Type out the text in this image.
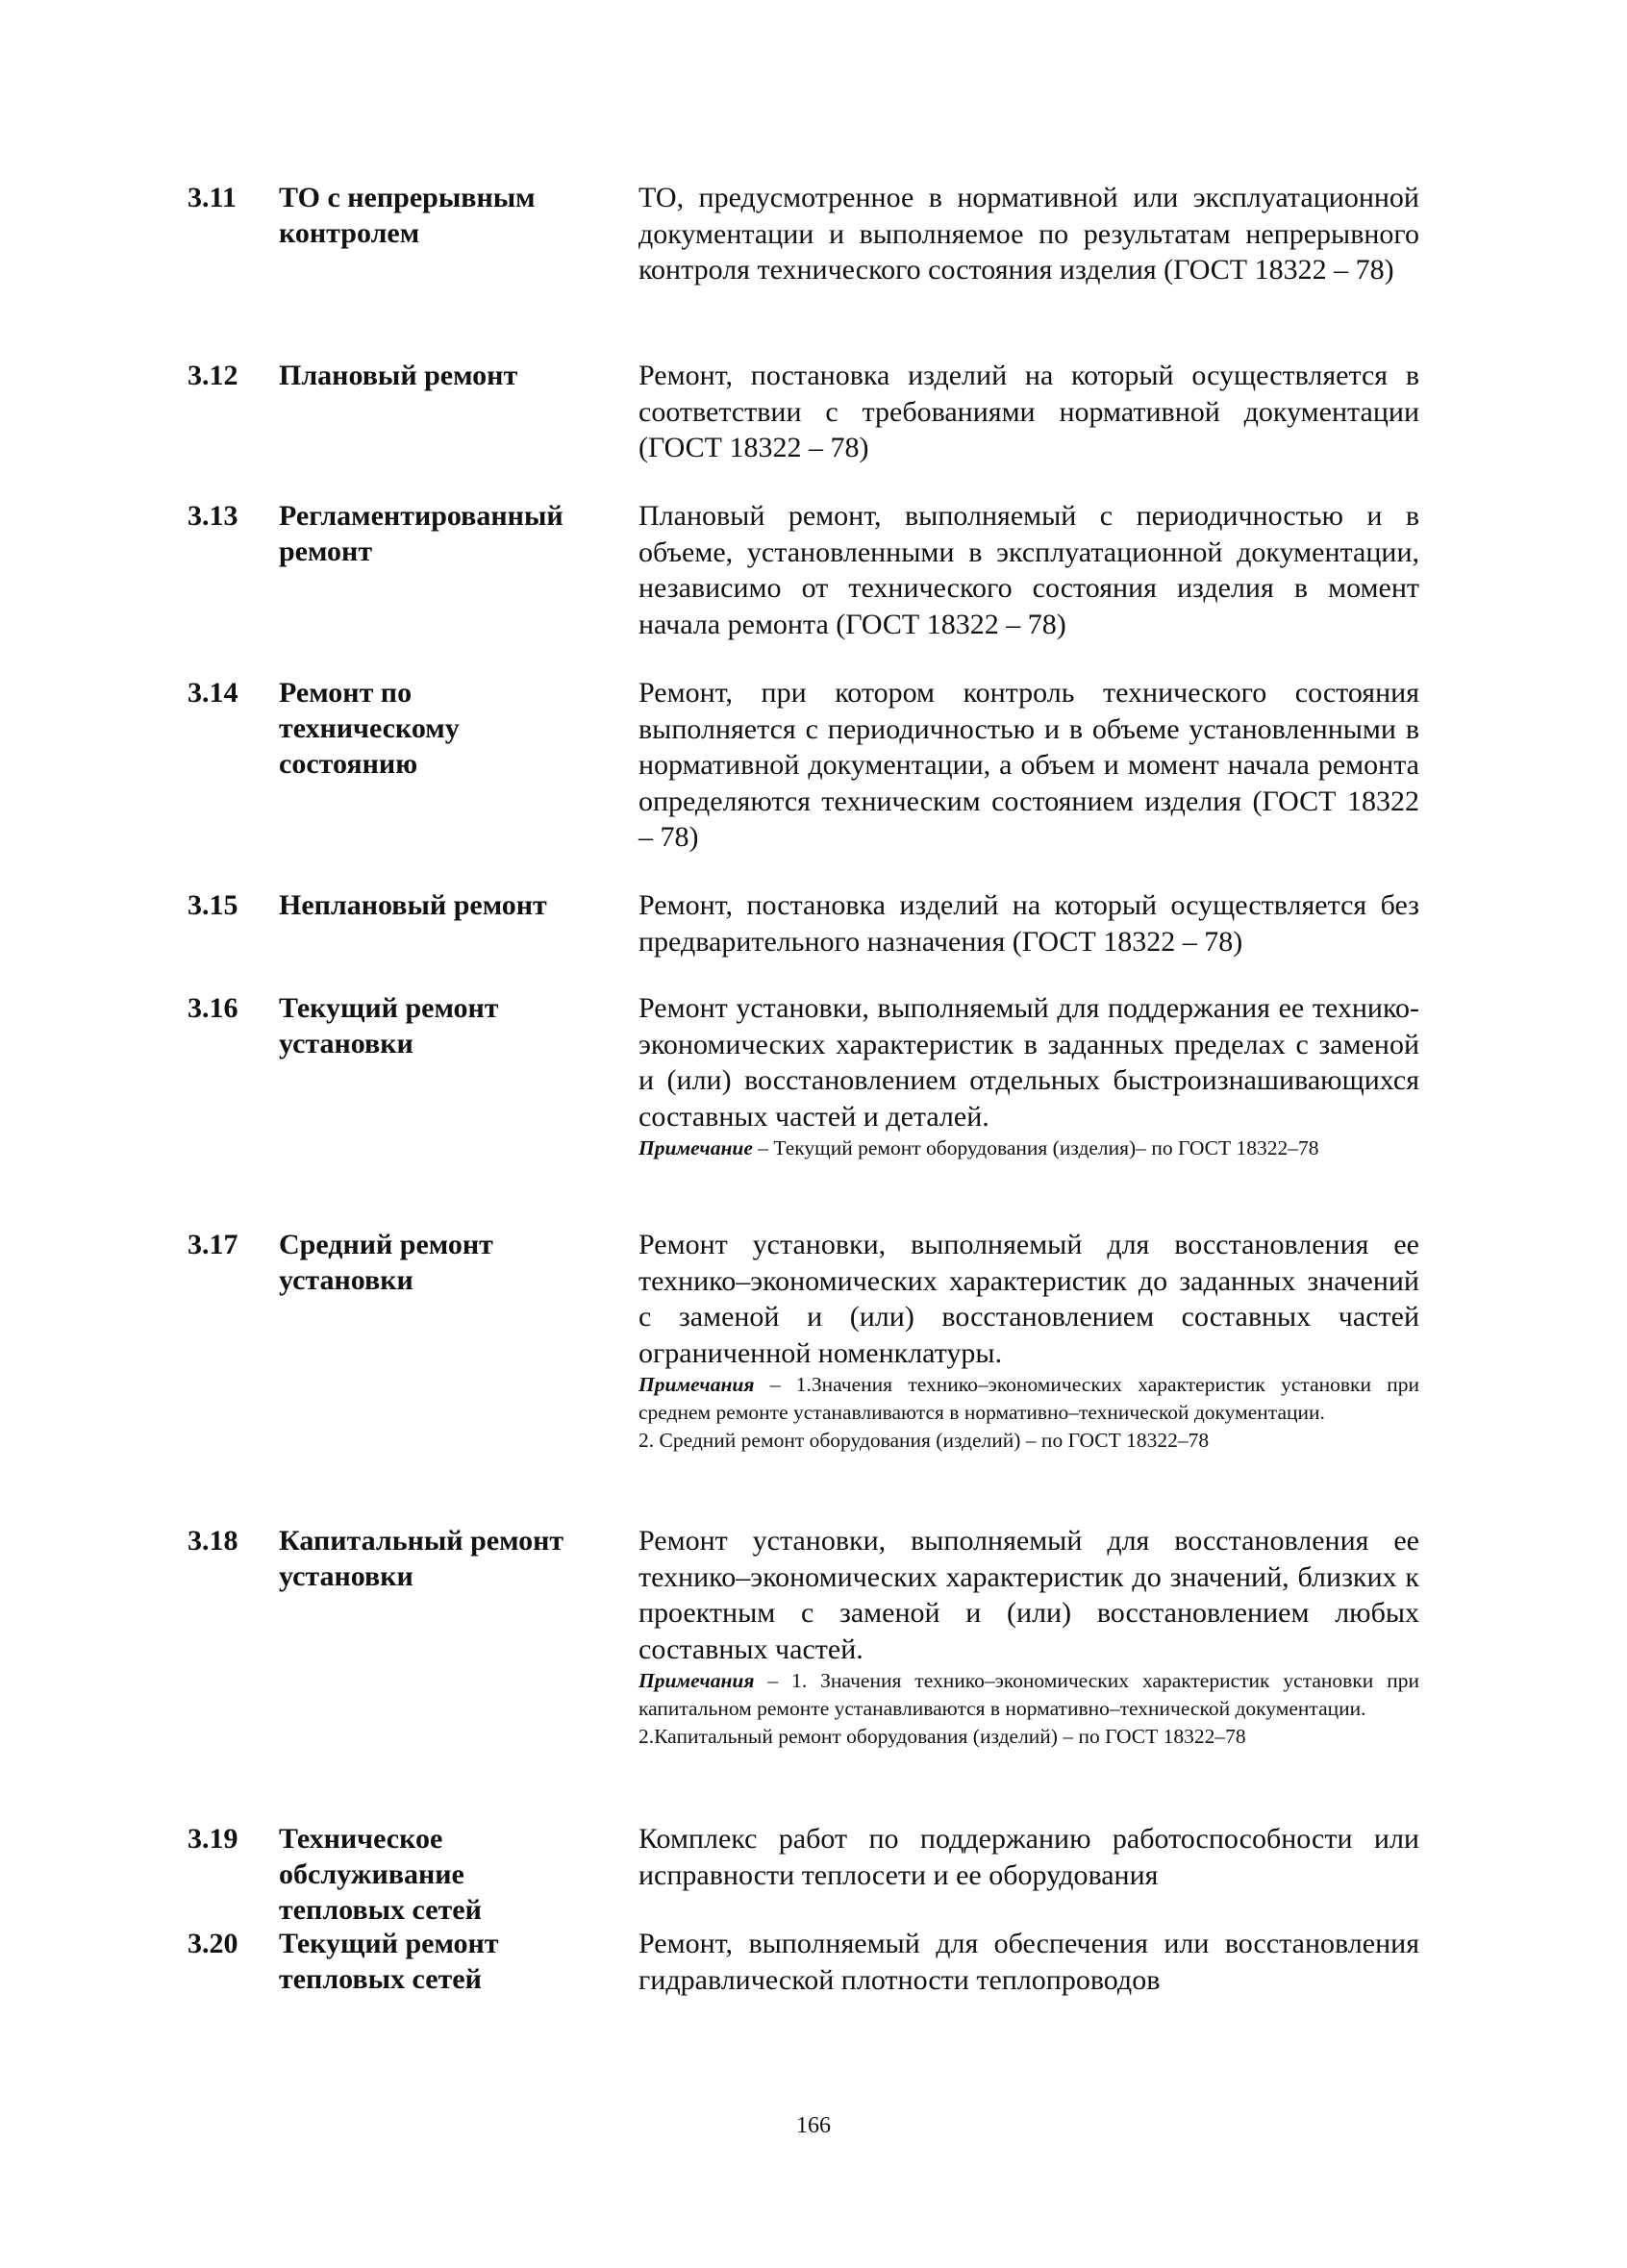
3.11 ТО с непрерывным контролем
ТО, предусмотренное в нормативной или эксплуатационной документации и выполняемое по результатам непрерывного контроля технического состояния изделия (ГОСТ 18322 – 78)
3.12 Плановый ремонт	Ремонт, постановка изделий на который осуществляется в соответствии с требованиями нормативной документации (ГОСТ 18322 – 78)
3.13 Регламентированный ремонт
Плановый ремонт, выполняемый с периодичностью и в объеме, установленными в эксплуатационной документации, независимо от технического состояния изделия в момент начала ремонта (ГОСТ 18322 – 78)
3.14 Ремонт по техническому состоянию
Ремонт, при котором контроль технического состояния выполняется с периодичностью и в объеме установленными в нормативной документации, а объем и момент начала ремонта определяются техническим состоянием изделия (ГОСТ 18322 – 78)
3.15 Неплановый ремонт	Ремонт, постановка изделий на который осуществляется без предварительного назначения (ГОСТ 18322 – 78)
3.16 Текущий ремонт установки
Ремонт установки, выполняемый для поддержания ее технико-экономических характеристик в заданных пределах с заменой и (или) восстановлением отдельных быстроизнашивающихся составных частей и деталей.
Примечание – Текущий ремонт оборудования (изделия)– по ГОСТ 18322–78
3.17 Средний ремонт установки
Ремонт установки, выполняемый для восстановления ее технико–экономических характеристик до заданных значений с заменой и (или) восстановлением составных частей ограниченной номенклатуры.
Примечания – 1.Значения технико–экономических характеристик установки при среднем ремонте устанавливаются в нормативно–технической документации.
2. Средний ремонт оборудования (изделий) – по ГОСТ 18322–78
3.18 Капитальный ремонт установки
Ремонт установки, выполняемый для восстановления ее технико–экономических характеристик до значений, близких к проектным с заменой и (или) восстановлением любых составных частей.
Примечания – 1. Значения технико–экономических характеристик установки при капитальном ремонте устанавливаются в нормативно–технической документации.
2.Капитальный ремонт оборудования (изделий) – по ГОСТ 18322–78
3.19 Техническое обслуживание тепловых сетей
Комплекс работ по поддержанию работоспособности или исправности теплосети и ее оборудования
3.20 Текущий ремонт тепловых сетей
Ремонт, выполняемый для обеспечения или восстановления гидравлической плотности теплопроводов
166
